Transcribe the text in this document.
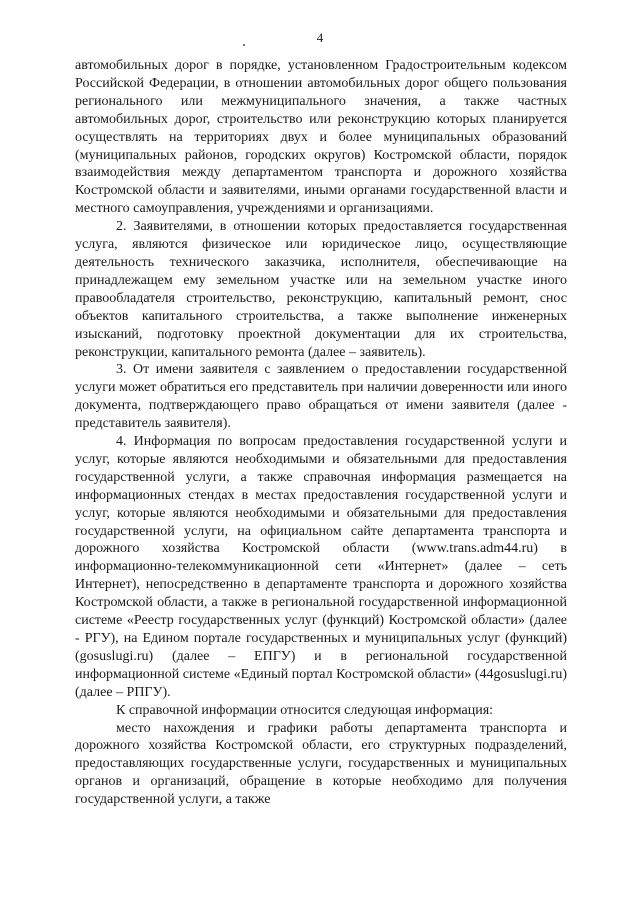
4

автомобильных дорог в порядке, установленном Градостроительным кодексом Российской Федерации, в отношении автомобильных дорог общего пользования регионального или межмуниципального значения, а также частных автомобильных дорог, строительство или реконструкцию которых планируется осуществлять на территориях двух и более муниципальных образований (муниципальных районов, городских округов) Костромской области, порядок взаимодействия между департаментом транспорта и дорожного хозяйства Костромской области и заявителями, иными органами государственной власти и местного самоуправления, учреждениями и организациями.

2. Заявителями, в отношении которых предоставляется государственная услуга, являются физическое или юридическое лицо, осуществляющие деятельность технического заказчика, исполнителя, обеспечивающие на принадлежащем ему земельном участке или на земельном участке иного правообладателя строительство, реконструкцию, капитальный ремонт, снос объектов капитального строительства, а также выполнение инженерных изысканий, подготовку проектной документации для их строительства, реконструкции, капитального ремонта (далее – заявитель).

3. От имени заявителя с заявлением о предоставлении государственной услуги может обратиться его представитель при наличии доверенности или иного документа, подтверждающего право обращаться от имени заявителя (далее - представитель заявителя).

4. Информация по вопросам предоставления государственной услуги и услуг, которые являются необходимыми и обязательными для предоставления государственной услуги, а также справочная информация размещается на информационных стендах в местах предоставления государственной услуги и услуг, которые являются необходимыми и обязательными для предоставления государственной услуги, на официальном сайте департамента транспорта и дорожного хозяйства Костромской области (www.trans.adm44.ru) в информационно-телекоммуникационной сети «Интернет» (далее – сеть Интернет), непосредственно в департаменте транспорта и дорожного хозяйства Костромской области, а также в региональной государственной информационной системе «Реестр государственных услуг (функций) Костромской области» (далее - РГУ), на Едином портале государственных и муниципальных услуг (функций) (gosuslugi.ru) (далее – ЕПГУ) и в региональной государственной информационной системе «Единый портал Костромской области» (44gosuslugi.ru) (далее – РПГУ).

К справочной информации относится следующая информация:

место нахождения и графики работы департамента транспорта и дорожного хозяйства Костромской области, его структурных подразделений, предоставляющих государственные услуги, государственных и муниципальных органов и организаций, обращение в которые необходимо для получения государственной услуги, а также
